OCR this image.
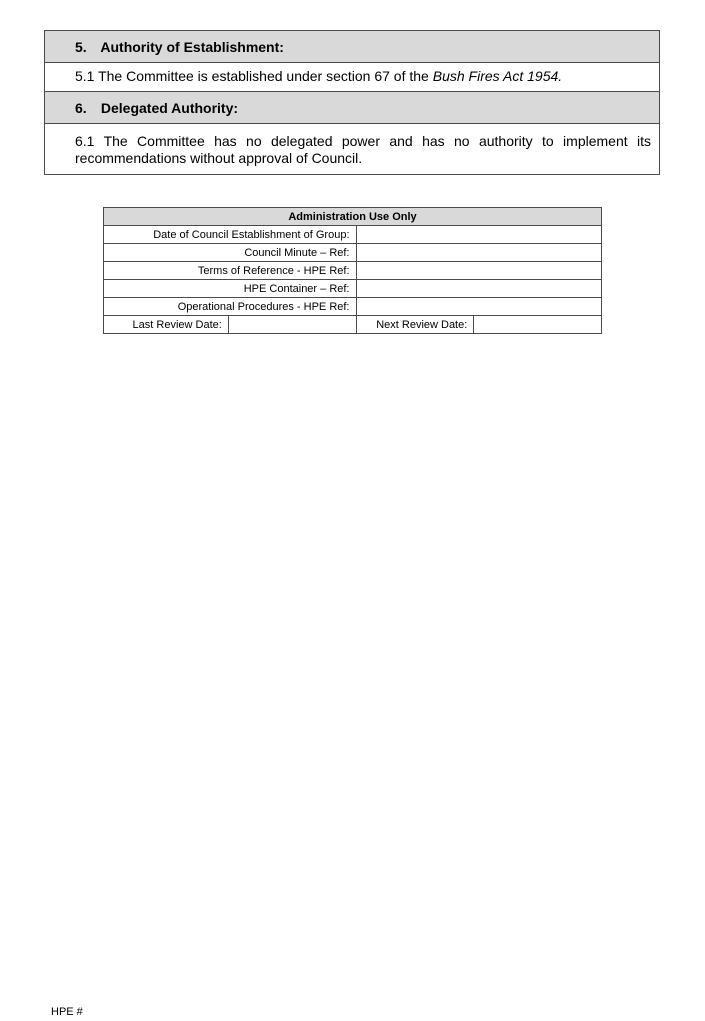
5. Authority of Establishment:
5.1 The Committee is established under section 67 of the Bush Fires Act 1954.
6. Delegated Authority:
6.1 The Committee has no delegated power and has no authority to implement its
recommendations without approval of Council.
Administration Use Only			
Date of Council Establishment of Group:			
Council Minute – Ref:			
Terms of Reference - HPE Ref:			
HPE Container – Ref:			
Operational Procedures - HPE Ref:			
Last Review Date:		Next Review Date:	
HPE #
